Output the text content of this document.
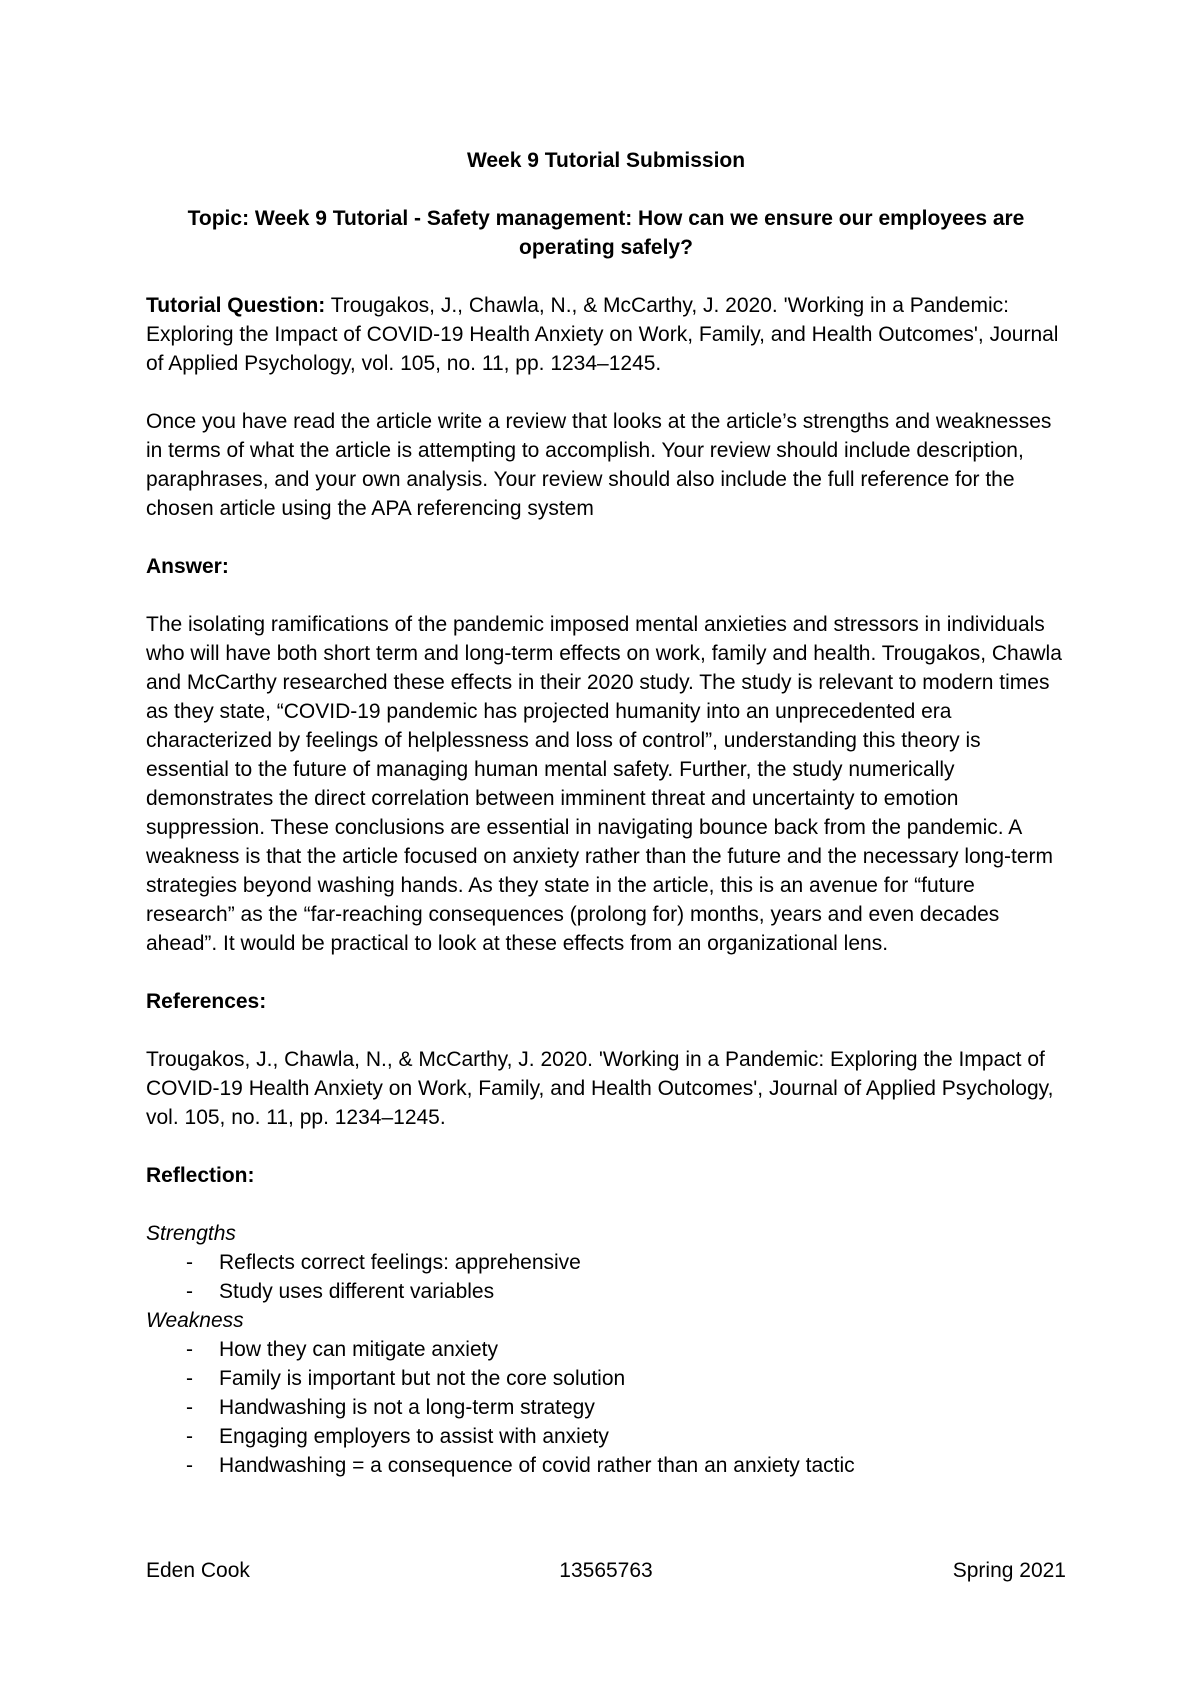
Week 9 Tutorial Submission

Topic: Week 9 Tutorial - Safety management: How can we ensure our employees are operating safely?

Tutorial Question: Trougakos, J., Chawla, N., & McCarthy, J. 2020. 'Working in a Pandemic: Exploring the Impact of COVID-19 Health Anxiety on Work, Family, and Health Outcomes', Journal of Applied Psychology, vol. 105, no. 11, pp. 1234–1245.

Once you have read the article write a review that looks at the article’s strengths and weaknesses in terms of what the article is attempting to accomplish. Your review should include description, paraphrases, and your own analysis. Your review should also include the full reference for the chosen article using the APA referencing system

Answer:

The isolating ramifications of the pandemic imposed mental anxieties and stressors in individuals who will have both short term and long-term effects on work, family and health. Trougakos, Chawla and McCarthy researched these effects in their 2020 study. The study is relevant to modern times as they state, “COVID-19 pandemic has projected humanity into an unprecedented era characterized by feelings of helplessness and loss of control”, understanding this theory is essential to the future of managing human mental safety. Further, the study numerically demonstrates the direct correlation between imminent threat and uncertainty to emotion suppression. These conclusions are essential in navigating bounce back from the pandemic. A weakness is that the article focused on anxiety rather than the future and the necessary long-term strategies beyond washing hands. As they state in the article, this is an avenue for “future research” as the “far-reaching consequences (prolong for) months, years and even decades ahead”. It would be practical to look at these effects from an organizational lens.

References:

Trougakos, J., Chawla, N., & McCarthy, J. 2020. 'Working in a Pandemic: Exploring the Impact of COVID-19 Health Anxiety on Work, Family, and Health Outcomes', Journal of Applied Psychology, vol. 105, no. 11, pp. 1234–1245.

Reflection:

Strengths

- Reflects correct feelings: apprehensive
- Study uses different variables

Weakness

- How they can mitigate anxiety
- Family is important but not the core solution
- Handwashing is not a long-term strategy
- Engaging employers to assist with anxiety
- Handwashing = a consequence of covid rather than an anxiety tactic
Eden Cook	13565763	Spring 2021
